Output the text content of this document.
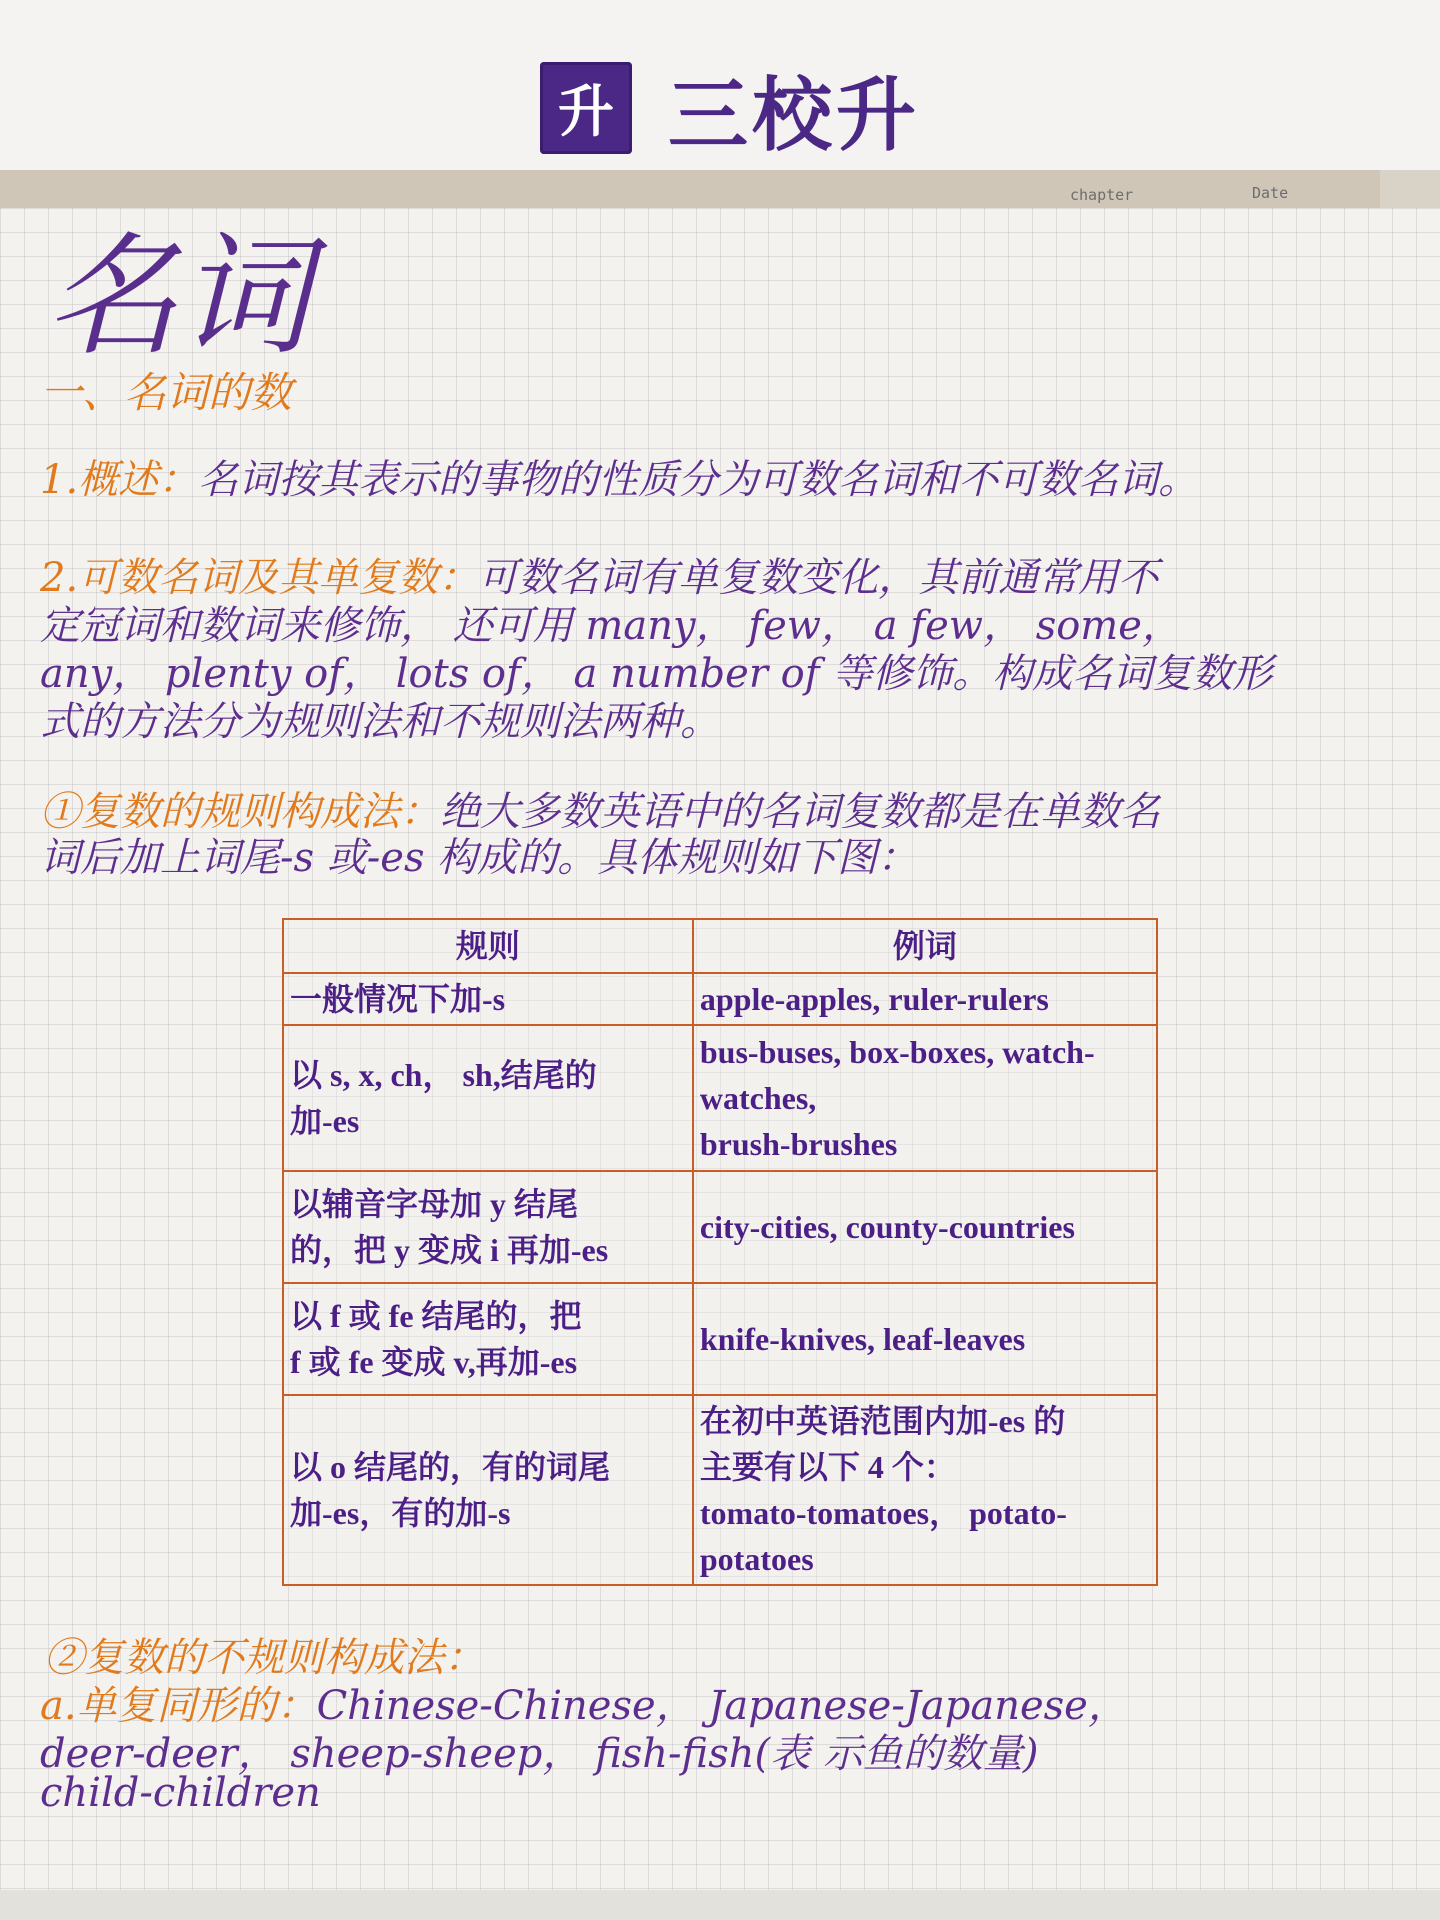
升 三校升
chapter	Date
名词
一、名词的数
1.概述：名词按其表示的事物的性质分为可数名词和不可数名词。
2.可数名词及其单复数：可数名词有单复数变化，其前通常用不
定冠词和数词来修饰， 还可用 many， few， a few， some，
any， plenty of， lots of， a number of 等修饰。构成名词复数形
式的方法分为规则法和不规则法两种。
①复数的规则构成法：绝大多数英语中的名词复数都是在单数名
词后加上词尾-s 或-es 构成的。具体规则如下图：
规则	例词
一般情况下加-s	apple-apples, ruler-rulers
以 s, x, ch， sh,结尾的
加-es	bus-buses, box-boxes, watch-
watches,
brush-brushes
以辅音字母加 y 结尾
的，把 y 变成 i 再加-es	city-cities, county-countries
以 f 或 fe 结尾的，把
f 或 fe 变成 v,再加-es	knife-knives, leaf-leaves
以 o 结尾的，有的词尾
加-es，有的加-s	在初中英语范围内加-es 的
主要有以下 4 个：
tomato-tomatoes， potato-
potatoes
②复数的不规则构成法：
a.单复同形的：Chinese-Chinese， Japanese-Japanese，
deer-deer， sheep-sheep， fish-fish(表 示鱼的数量)
child-children
